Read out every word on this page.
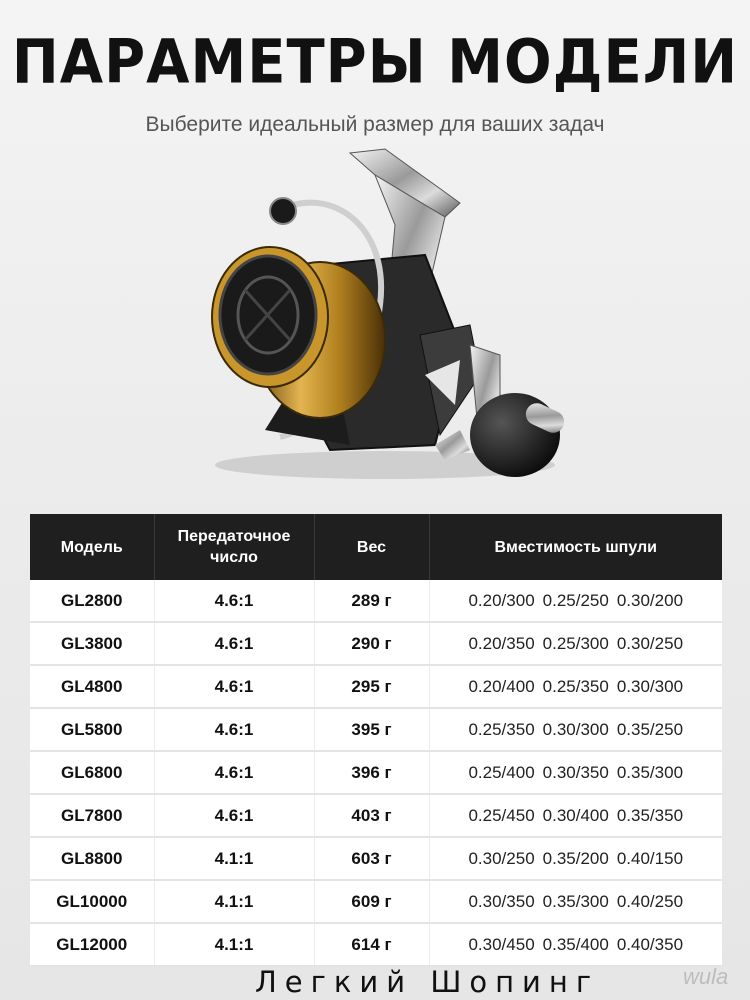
ПАРАМЕТРЫ МОДЕЛИ
Выберите идеальный размер для ваших задач
Модель	Передаточное число	Вес	Вместимость шпули
GL2800	4.6:1	289 г	0.20/300 0.25/250 0.30/200
GL3800	4.6:1	290 г	0.20/350 0.25/300 0.30/250
GL4800	4.6:1	295 г	0.20/400 0.25/350 0.30/300
GL5800	4.6:1	395 г	0.25/350 0.30/300 0.35/250
GL6800	4.6:1	396 г	0.25/400 0.30/350 0.35/300
GL7800	4.6:1	403 г	0.25/450 0.30/400 0.35/350
GL8800	4.1:1	603 г	0.30/250 0.35/200 0.40/150
GL10000	4.1:1	609 г	0.30/350 0.35/300 0.40/250
GL12000	4.1:1	614 г	0.30/450 0.35/400 0.40/350
Легкий Шопинг	wula
